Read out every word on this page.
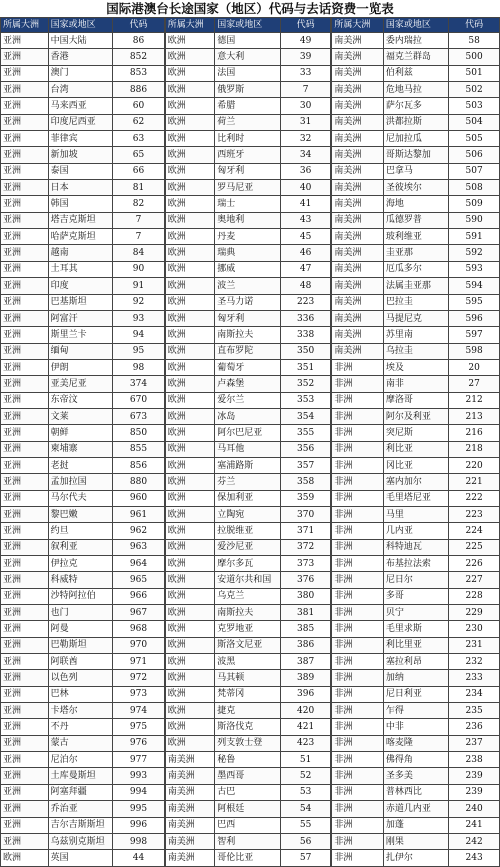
国际港澳台长途国家（地区）代码与去话资费一览表
所属大洲	国家或地区	代码
亚洲	中国大陆	86
亚洲	香港	852
亚洲	澳门	853
亚洲	台湾	886
亚洲	马来西亚	60
亚洲	印度尼西亚	62
亚洲	菲律宾	63
亚洲	新加坡	65
亚洲	泰国	66
亚洲	日本	81
亚洲	韩国	82
亚洲	塔吉克斯坦	7
亚洲	哈萨克斯坦	7
亚洲	越南	84
亚洲	土耳其	90
亚洲	印度	91
亚洲	巴基斯坦	92
亚洲	阿富汗	93
亚洲	斯里兰卡	94
亚洲	缅甸	95
亚洲	伊朗	98
亚洲	亚美尼亚	374
亚洲	东帝汶	670
亚洲	文莱	673
亚洲	朝鲜	850
亚洲	柬埔寨	855
亚洲	老挝	856
亚洲	孟加拉国	880
亚洲	马尔代夫	960
亚洲	黎巴嫩	961
亚洲	约旦	962
亚洲	叙利亚	963
亚洲	伊拉克	964
亚洲	科威特	965
亚洲	沙特阿拉伯	966
亚洲	也门	967
亚洲	阿曼	968
亚洲	巴勒斯坦	970
亚洲	阿联酋	971
亚洲	以色列	972
亚洲	巴林	973
亚洲	卡塔尔	974
亚洲	不丹	975
亚洲	蒙古	976
亚洲	尼泊尔	977
亚洲	土库曼斯坦	993
亚洲	阿塞拜疆	994
亚洲	乔治亚	995
亚洲	吉尔吉斯斯坦	996
亚洲	乌兹别克斯坦	998
欧洲	英国	44
所属大洲	国家或地区	代码
欧洲	德国	49
欧洲	意大利	39
欧洲	法国	33
欧洲	俄罗斯	7
欧洲	希腊	30
欧洲	荷兰	31
欧洲	比利时	32
欧洲	西班牙	34
欧洲	匈牙利	36
欧洲	罗马尼亚	40
欧洲	瑞士	41
欧洲	奥地利	43
欧洲	丹麦	45
欧洲	瑞典	46
欧洲	挪威	47
欧洲	波兰	48
欧洲	圣马力诺	223
欧洲	匈牙利	336
欧洲	南斯拉夫	338
欧洲	直布罗陀	350
欧洲	葡萄牙	351
欧洲	卢森堡	352
欧洲	爱尔兰	353
欧洲	冰岛	354
欧洲	阿尔巴尼亚	355
欧洲	马耳他	356
欧洲	塞浦路斯	357
欧洲	芬兰	358
欧洲	保加利亚	359
欧洲	立陶宛	370
欧洲	拉脱维亚	371
欧洲	爱沙尼亚	372
欧洲	摩尔多瓦	373
欧洲	安道尔共和国	376
欧洲	乌克兰	380
欧洲	南斯拉夫	381
欧洲	克罗地亚	385
欧洲	斯洛文尼亚	386
欧洲	波黑	387
欧洲	马其顿	389
欧洲	梵蒂冈	396
欧洲	捷克	420
欧洲	斯洛伐克	421
欧洲	列支敦士登	423
南美洲	秘鲁	51
南美洲	墨西哥	52
南美洲	古巴	53
南美洲	阿根廷	54
南美洲	巴西	55
南美洲	智利	56
南美洲	哥伦比亚	57
所属大洲	国家或地区	代码
南美洲	委内瑞拉	58
南美洲	福克兰群岛	500
南美洲	伯利兹	501
南美洲	危地马拉	502
南美洲	萨尔瓦多	503
南美洲	洪都拉斯	504
南美洲	尼加拉瓜	505
南美洲	哥斯达黎加	506
南美洲	巴拿马	507
南美洲	圣彼埃尔	508
南美洲	海地	509
南美洲	瓜德罗普	590
南美洲	玻利维亚	591
南美洲	圭亚那	592
南美洲	厄瓜多尔	593
南美洲	法属圭亚那	594
南美洲	巴拉圭	595
南美洲	马提尼克	596
南美洲	苏里南	597
南美洲	乌拉圭	598
非洲	埃及	20
非洲	南非	27
非洲	摩洛哥	212
非洲	阿尔及利亚	213
非洲	突尼斯	216
非洲	利比亚	218
非洲	冈比亚	220
非洲	塞内加尔	221
非洲	毛里塔尼亚	222
非洲	马里	223
非洲	几内亚	224
非洲	科特迪瓦	225
非洲	布基拉法索	226
非洲	尼日尔	227
非洲	多哥	228
非洲	贝宁	229
非洲	毛里求斯	230
非洲	利比里亚	231
非洲	塞拉利昂	232
非洲	加纳	233
非洲	尼日利亚	234
非洲	乍得	235
非洲	中非	236
非洲	喀麦隆	237
非洲	佛得角	238
非洲	圣多美	239
非洲	普林西比	239
非洲	赤道几内亚	240
非洲	加蓬	241
非洲	刚果	242
非洲	扎伊尔	243
